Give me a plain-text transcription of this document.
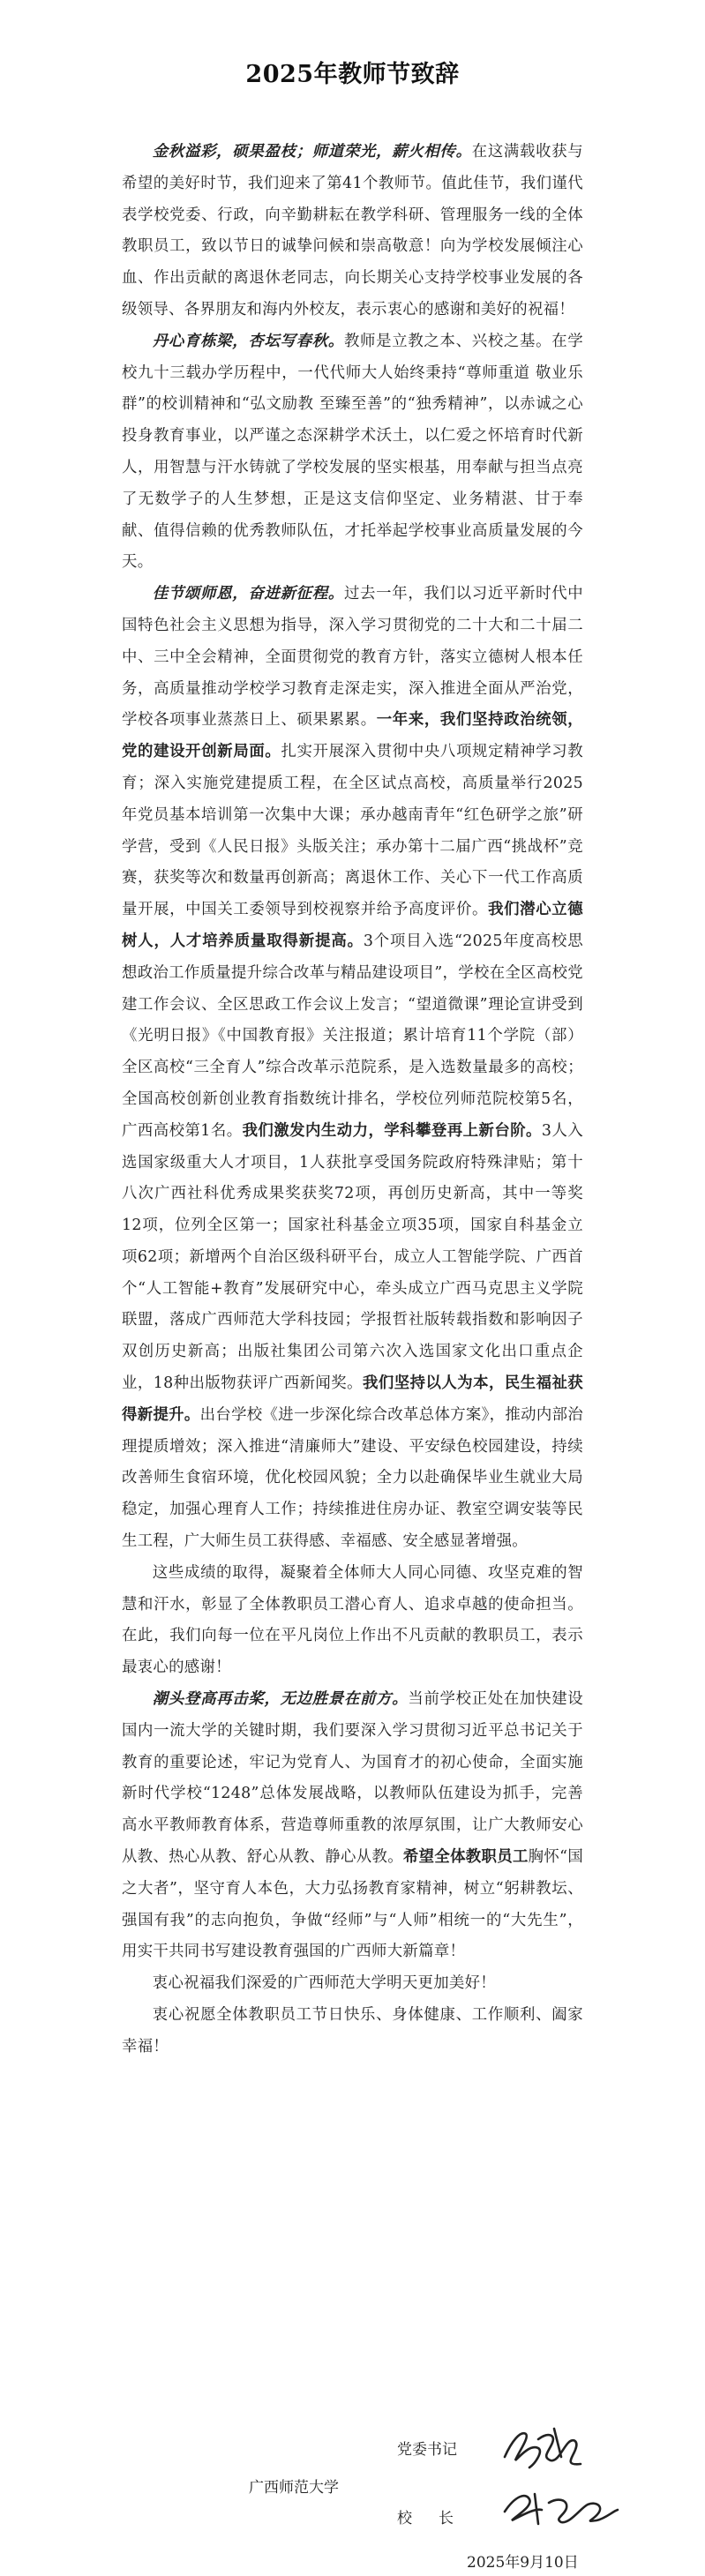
2025年教师节致辞

金秋溢彩，硕果盈枝；师道荣光，薪火相传。在这满载收获与希望的美好时节，我们迎来了第41个教师节。值此佳节，我们谨代表学校党委、行政，向辛勤耕耘在教学科研、管理服务一线的全体教职员工，致以节日的诚挚问候和崇高敬意！向为学校发展倾注心血、作出贡献的离退休老同志，向长期关心支持学校事业发展的各级领导、各界朋友和海内外校友，表示衷心的感谢和美好的祝福！

丹心育栋梁，杏坛写春秋。教师是立教之本、兴校之基。在学校九十三载办学历程中，一代代师大人始终秉持“尊师重道 敬业乐群”的校训精神和“弘文励教 至臻至善”的“独秀精神”，以赤诚之心投身教育事业，以严谨之态深耕学术沃土，以仁爱之怀培育时代新人，用智慧与汗水铸就了学校发展的坚实根基，用奉献与担当点亮了无数学子的人生梦想，正是这支信仰坚定、业务精湛、甘于奉献、值得信赖的优秀教师队伍，才托举起学校事业高质量发展的今天。

佳节颂师恩，奋进新征程。过去一年，我们以习近平新时代中国特色社会主义思想为指导，深入学习贯彻党的二十大和二十届二中、三中全会精神，全面贯彻党的教育方针，落实立德树人根本任务，高质量推动学校学习教育走深走实，深入推进全面从严治党，学校各项事业蒸蒸日上、硕果累累。一年来，我们坚持政治统领，党的建设开创新局面。扎实开展深入贯彻中央八项规定精神学习教育；深入实施党建提质工程，在全区试点高校，高质量举行2025年党员基本培训第一次集中大课；承办越南青年“红色研学之旅”研学营，受到《人民日报》头版关注；承办第十二届广西“挑战杯”竞赛，获奖等次和数量再创新高；离退休工作、关心下一代工作高质量开展，中国关工委领导到校视察并给予高度评价。我们潜心立德树人，人才培养质量取得新提高。3个项目入选“2025年度高校思想政治工作质量提升综合改革与精品建设项目”，学校在全区高校党建工作会议、全区思政工作会议上发言；“望道微课”理论宣讲受到《光明日报》《中国教育报》关注报道；累计培育11个学院（部）全区高校“三全育人”综合改革示范院系，是入选数量最多的高校；全国高校创新创业教育指数统计排名，学校位列师范院校第5名，广西高校第1名。我们激发内生动力，学科攀登再上新台阶。3人入选国家级重大人才项目，1人获批享受国务院政府特殊津贴；第十八次广西社科优秀成果奖获奖72项，再创历史新高，其中一等奖12项，位列全区第一；国家社科基金立项35项，国家自科基金立项62项；新增两个自治区级科研平台，成立人工智能学院、广西首个“人工智能+教育”发展研究中心，牵头成立广西马克思主义学院联盟，落成广西师范大学科技园；学报哲社版转载指数和影响因子双创历史新高；出版社集团公司第六次入选国家文化出口重点企业，18种出版物获评广西新闻奖。我们坚持以人为本，民生福祉获得新提升。出台学校《进一步深化综合改革总体方案》，推动内部治理提质增效；深入推进“清廉师大”建设、平安绿色校园建设，持续改善师生食宿环境，优化校园风貌；全力以赴确保毕业生就业大局稳定，加强心理育人工作；持续推进住房办证、教室空调安装等民生工程，广大师生员工获得感、幸福感、安全感显著增强。

这些成绩的取得，凝聚着全体师大人同心同德、攻坚克难的智慧和汗水，彰显了全体教职员工潜心育人、追求卓越的使命担当。在此，我们向每一位在平凡岗位上作出不凡贡献的教职员工，表示最衷心的感谢！

潮头登高再击桨，无边胜景在前方。当前学校正处在加快建设国内一流大学的关键时期，我们要深入学习贯彻习近平总书记关于教育的重要论述，牢记为党育人、为国育才的初心使命，全面实施新时代学校“1248”总体发展战略，以教师队伍建设为抓手，完善高水平教师教育体系，营造尊师重教的浓厚氛围，让广大教师安心从教、热心从教、舒心从教、静心从教。希望全体教职员工胸怀“国之大者”，坚守育人本色，大力弘扬教育家精神，树立“躬耕教坛、强国有我”的志向抱负，争做“经师”与“人师”相统一的“大先生”，用实干共同书写建设教育强国的广西师大新篇章！

衷心祝福我们深爱的广西师范大学明天更加美好！

衷心祝愿全体教职员工节日快乐、身体健康、工作顺利、阖家幸福！

党委书记
广西师范大学
校长
2025年9月10日
